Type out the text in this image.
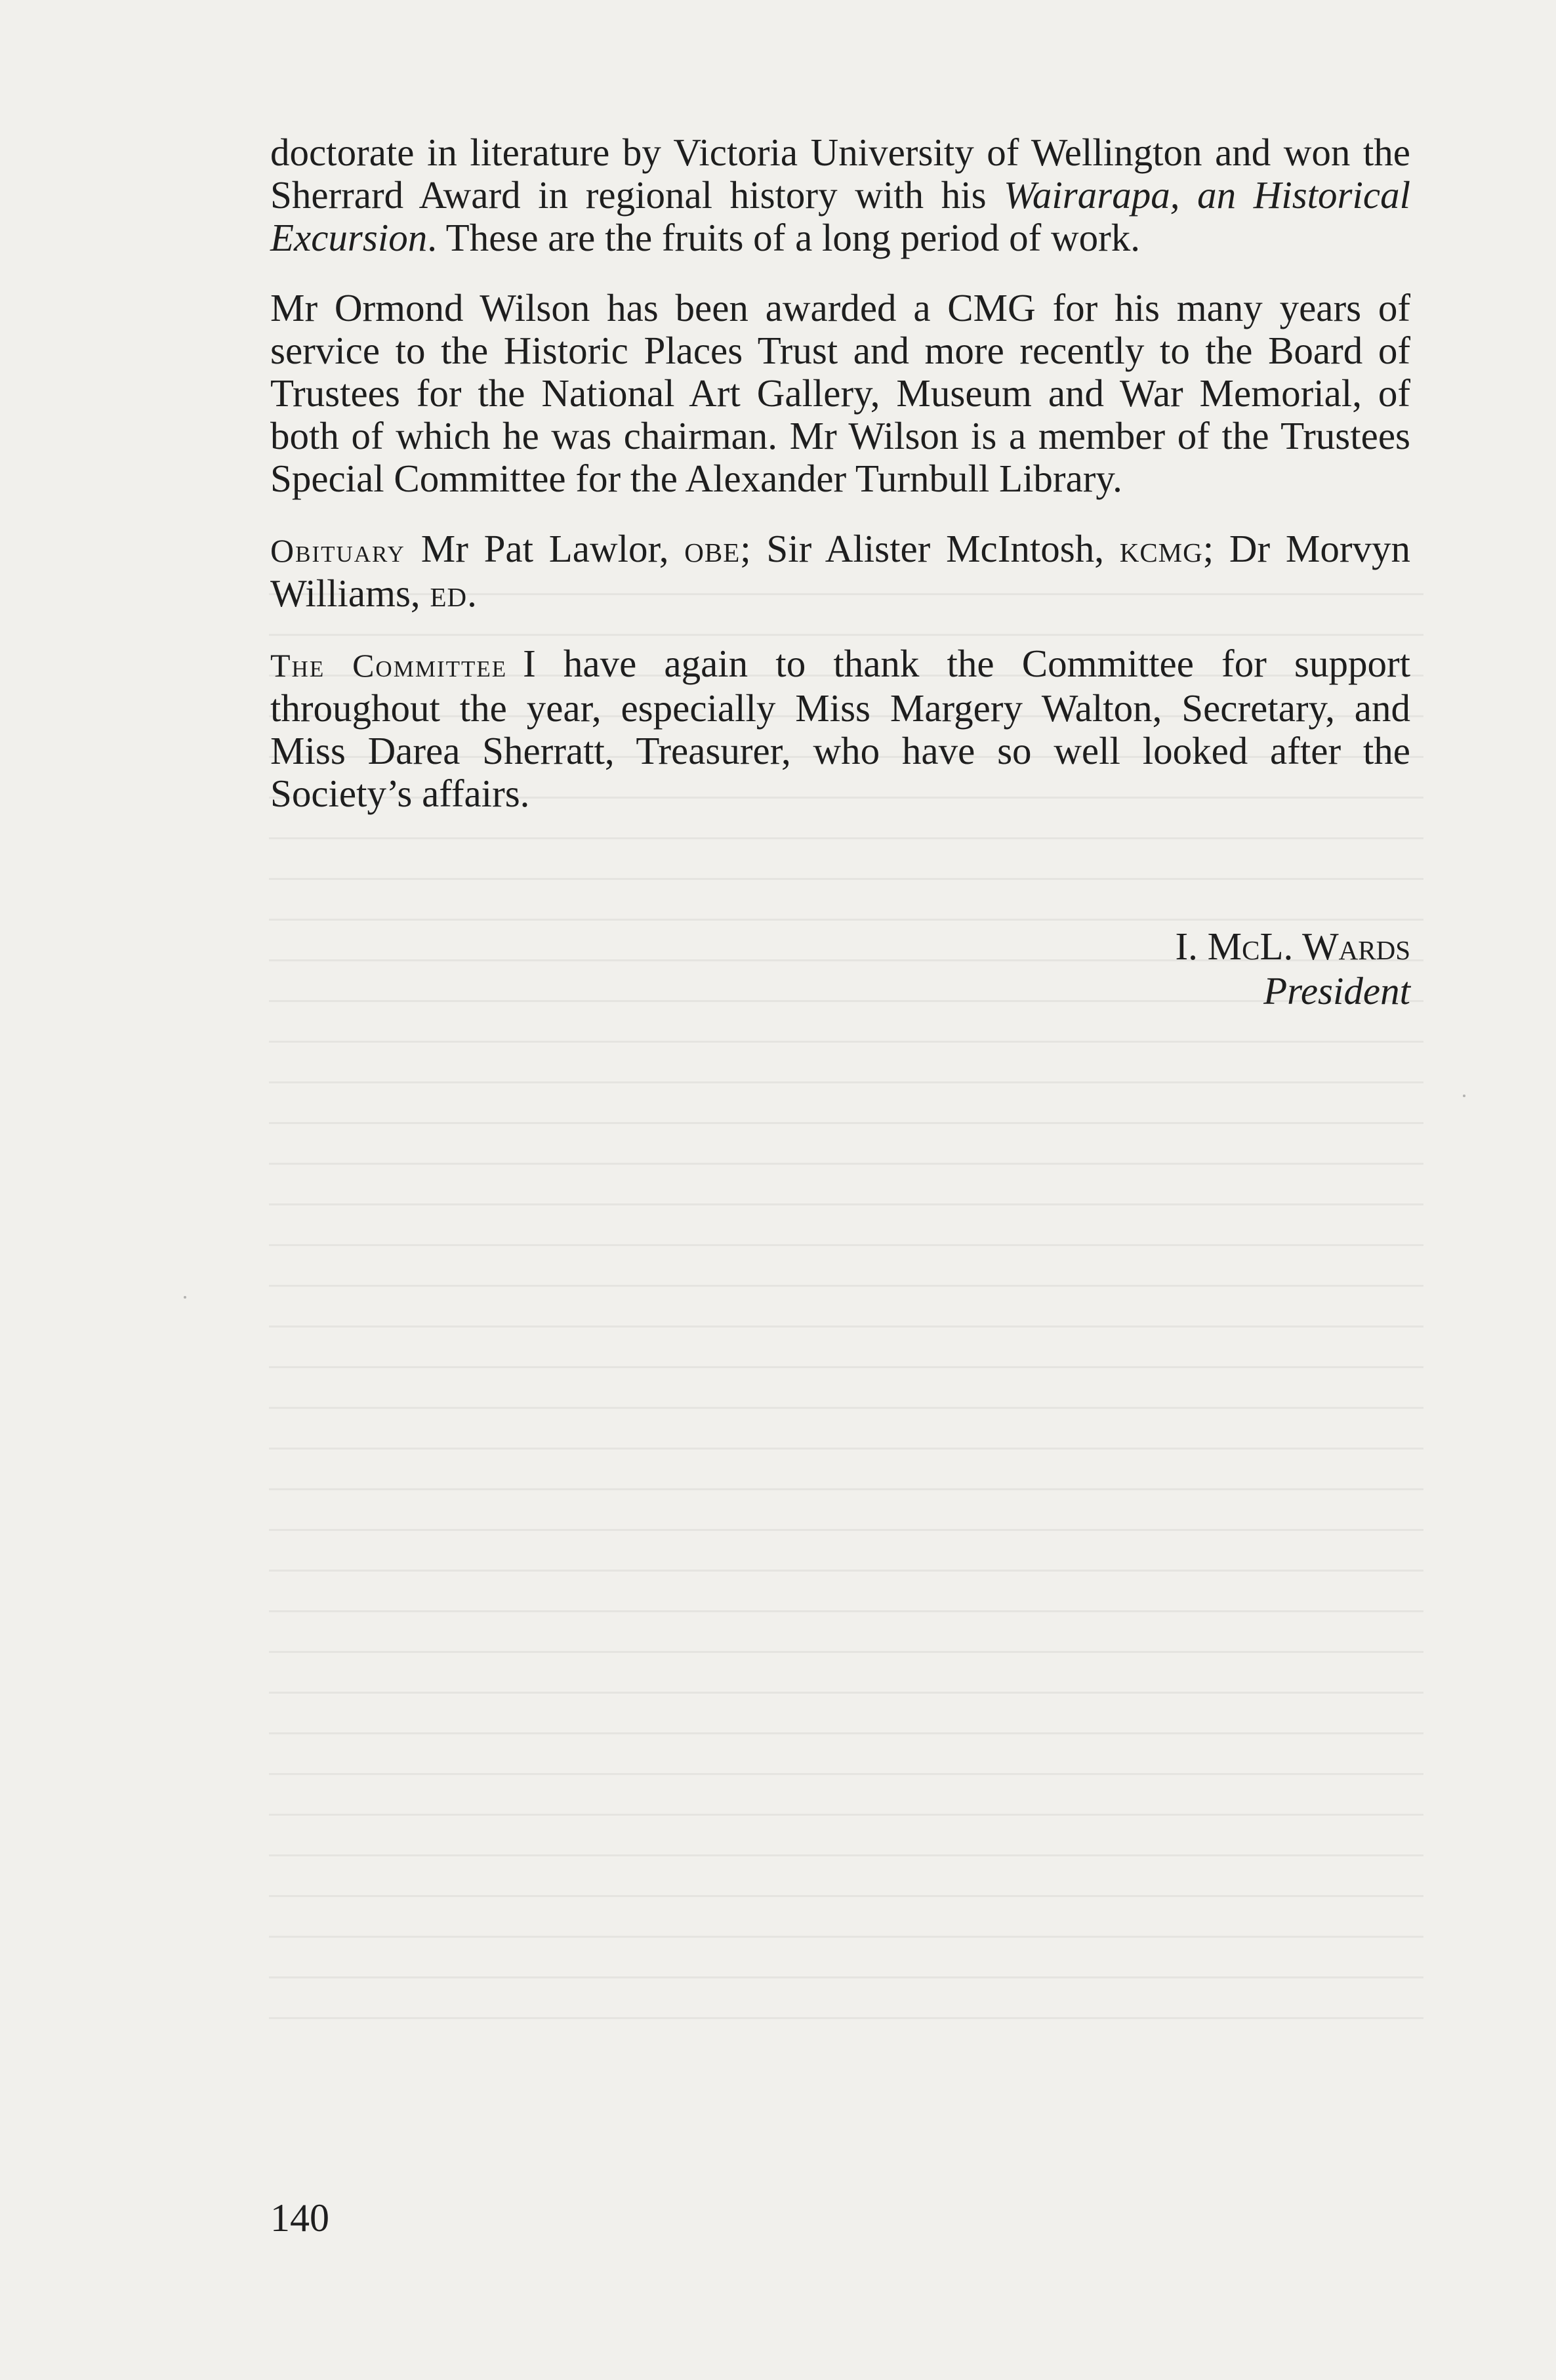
doctorate in literature by Victoria University of Wellington and won the Sherrard Award in regional history with his Wairarapa, an Historical Excursion. These are the fruits of a long period of work.

Mr Ormond Wilson has been awarded a CMG for his many years of service to the Historic Places Trust and more recently to the Board of Trustees for the National Art Gallery, Museum and War Memorial, of both of which he was chairman. Mr Wilson is a member of the Trustees Special Committee for the Alexander Turnbull Library.

Obituary Mr Pat Lawlor, obe; Sir Alister McIntosh, kcmg; Dr Morvyn Williams, ed.

The Committee I have again to thank the Committee for support throughout the year, especially Miss Margery Walton, Secretary, and Miss Darea Sherratt, Treasurer, who have so well looked after the Society’s affairs.

I. McL. Wards
President
140
